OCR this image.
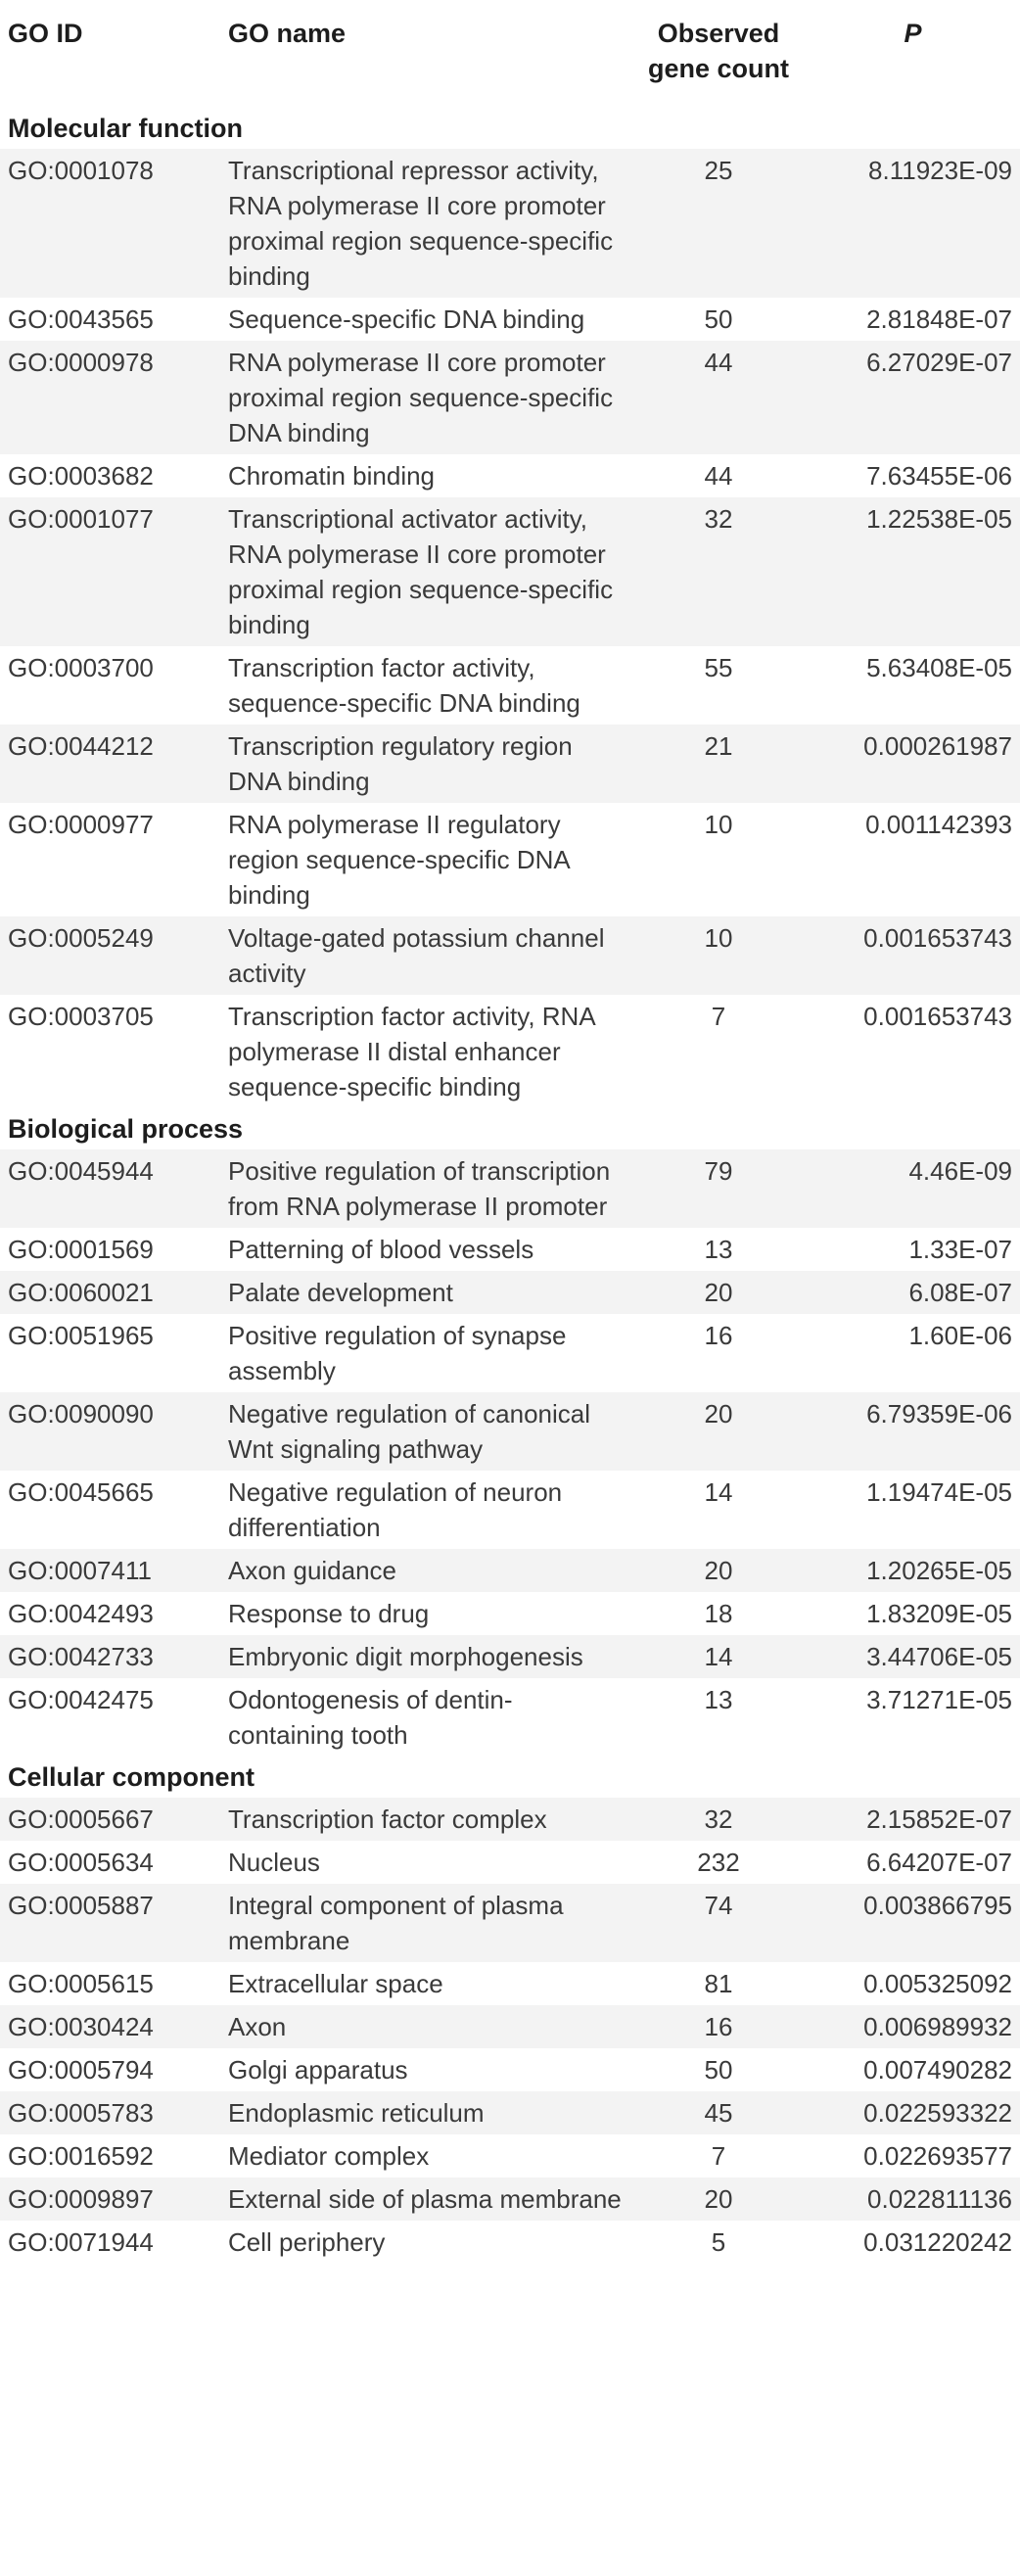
GO ID	GO name	Observed gene count	P
Molecular function			
GO:0001078	Transcriptional repressor activity, RNA polymerase II core promoter proximal region sequence-specific binding	25	8.11923E-09
GO:0043565	Sequence-specific DNA binding	50	2.81848E-07
GO:0000978	RNA polymerase II core promoter proximal region sequence-specific DNA binding	44	6.27029E-07
GO:0003682	Chromatin binding	44	7.63455E-06
GO:0001077	Transcriptional activator activity, RNA polymerase II core promoter proximal region sequence-specific binding	32	1.22538E-05
GO:0003700	Transcription factor activity, sequence-specific DNA binding	55	5.63408E-05
GO:0044212	Transcription regulatory region DNA binding	21	0.000261987
GO:0000977	RNA polymerase II regulatory region sequence-specific DNA binding	10	0.001142393
GO:0005249	Voltage-gated potassium channel activity	10	0.001653743
GO:0003705	Transcription factor activity, RNA polymerase II distal enhancer sequence-specific binding	7	0.001653743
Biological process			
GO:0045944	Positive regulation of transcription from RNA polymerase II promoter	79	4.46E-09
GO:0001569	Patterning of blood vessels	13	1.33E-07
GO:0060021	Palate development	20	6.08E-07
GO:0051965	Positive regulation of synapse assembly	16	1.60E-06
GO:0090090	Negative regulation of canonical Wnt signaling pathway	20	6.79359E-06
GO:0045665	Negative regulation of neuron differentiation	14	1.19474E-05
GO:0007411	Axon guidance	20	1.20265E-05
GO:0042493	Response to drug	18	1.83209E-05
GO:0042733	Embryonic digit morphogenesis	14	3.44706E-05
GO:0042475	Odontogenesis of dentin-containing tooth	13	3.71271E-05
Cellular component			
GO:0005667	Transcription factor complex	32	2.15852E-07
GO:0005634	Nucleus	232	6.64207E-07
GO:0005887	Integral component of plasma membrane	74	0.003866795
GO:0005615	Extracellular space	81	0.005325092
GO:0030424	Axon	16	0.006989932
GO:0005794	Golgi apparatus	50	0.007490282
GO:0005783	Endoplasmic reticulum	45	0.022593322
GO:0016592	Mediator complex	7	0.022693577
GO:0009897	External side of plasma membrane	20	0.022811136
GO:0071944	Cell periphery	5	0.031220242
